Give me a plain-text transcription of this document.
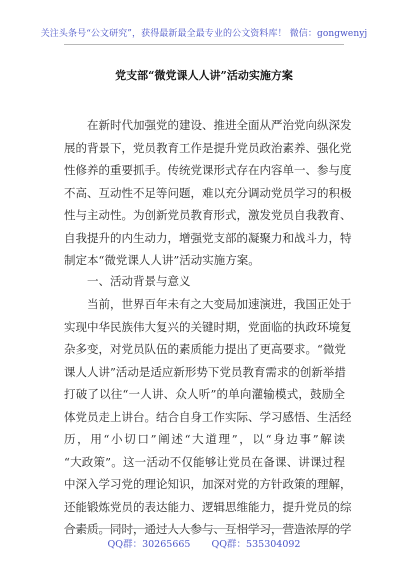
关注头条号“公文研究”，获得最新最全最专业的公文资料库！ 微信：gongwenyj
党支部“微党课人人讲”活动实施方案
在新时代加强党的建设、推进全面从严治党向纵深发
展的背景下，党员教育工作是提升党员政治素养、强化党
性修养的重要抓手。传统党课形式存在内容单一、参与度
不高、互动性不足等问题，难以充分调动党员学习的积极
性与主动性。为创新党员教育形式，激发党员自我教育、
自我提升的内生动力，增强党支部的凝聚力和战斗力，特
制定本“微党课人人讲”活动实施方案。
一、活动背景与意义
当前，世界百年未有之大变局加速演进，我国正处于
实现中华民族伟大复兴的关键时期，党面临的执政环境复
杂多变，对党员队伍的素质能力提出了更高要求。“微党
课人人讲”活动是适应新形势下党员教育需求的创新举措
打破了以往“一人讲、众人听”的单向灌输模式，鼓励全
体党员走上讲台。结合自身工作实际、学习感悟、生活经
历，用“小切口”阐述“大道理”，以“身边事”解读
“大政策”。这一活动不仅能够让党员在备课、讲课过程
中深入学习党的理论知识，加深对党的方针政策的理解，
还能锻炼党员的表达能力、逻辑思维能力，提升党员的综
合素质。同时，通过人人参与、互相学习，营造浓厚的学
QQ群：30265665 QQ群：535304092
